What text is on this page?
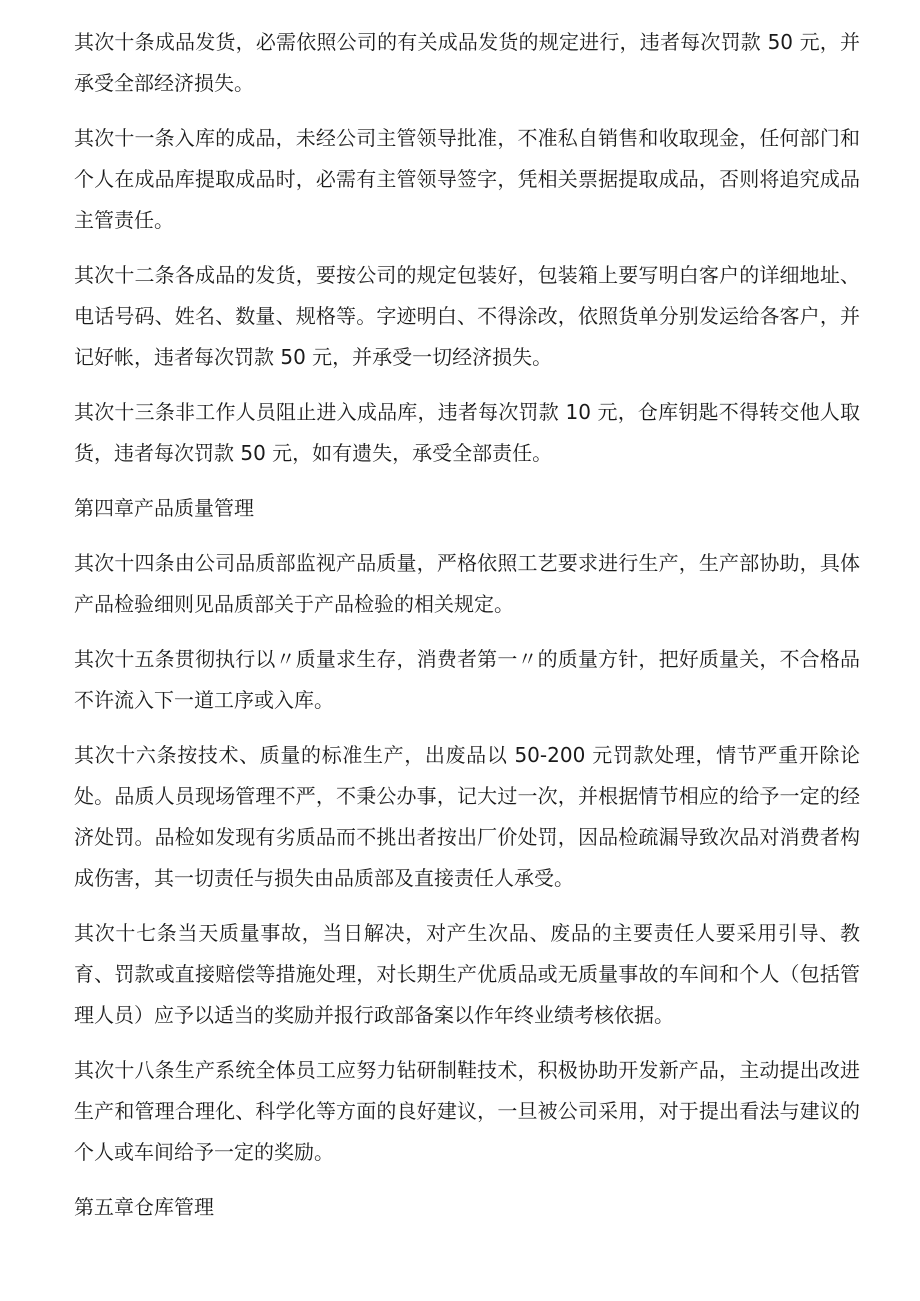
其次十条成品发货，必需依照公司的有关成品发货的规定进行，违者每次罚款 50 元，并承受全部经济损失。

其次十一条入库的成品，未经公司主管领导批准，不准私自销售和收取现金，任何部门和个人在成品库提取成品时，必需有主管领导签字，凭相关票据提取成品，否则将追究成品主管责任。

其次十二条各成品的发货，要按公司的规定包装好，包装箱上要写明白客户的详细地址、电话号码、姓名、数量、规格等。字迹明白、不得涂改，依照货单分别发运给各客户，并记好帐，违者每次罚款 50 元，并承受一切经济损失。

其次十三条非工作人员阻止进入成品库，违者每次罚款 10 元，仓库钥匙不得转交他人取货，违者每次罚款 50 元，如有遗失，承受全部责任。

第四章产品质量管理

其次十四条由公司品质部监视产品质量，严格依照工艺要求进行生产，生产部协助，具体产品检验细则见品质部关于产品检验的相关规定。

其次十五条贯彻执行以〃质量求生存，消费者第一〃的质量方针，把好质量关，不合格品不许流入下一道工序或入库。

其次十六条按技术、质量的标准生产，出废品以 50-200 元罚款处理，情节严重开除论处。品质人员现场管理不严，不秉公办事，记大过一次，并根据情节相应的给予一定的经济处罚。品检如发现有劣质品而不挑出者按出厂价处罚，因品检疏漏导致次品对消费者构成伤害，其一切责任与损失由品质部及直接责任人承受。

其次十七条当天质量事故，当日解决，对产生次品、废品的主要责任人要采用引导、教育、罚款或直接赔偿等措施处理，对长期生产优质品或无质量事故的车间和个人（包括管理人员）应予以适当的奖励并报行政部备案以作年终业绩考核依据。

其次十八条生产系统全体员工应努力钻研制鞋技术，积极协助开发新产品，主动提出改进生产和管理合理化、科学化等方面的良好建议，一旦被公司采用，对于提出看法与建议的个人或车间给予一定的奖励。

第五章仓库管理
